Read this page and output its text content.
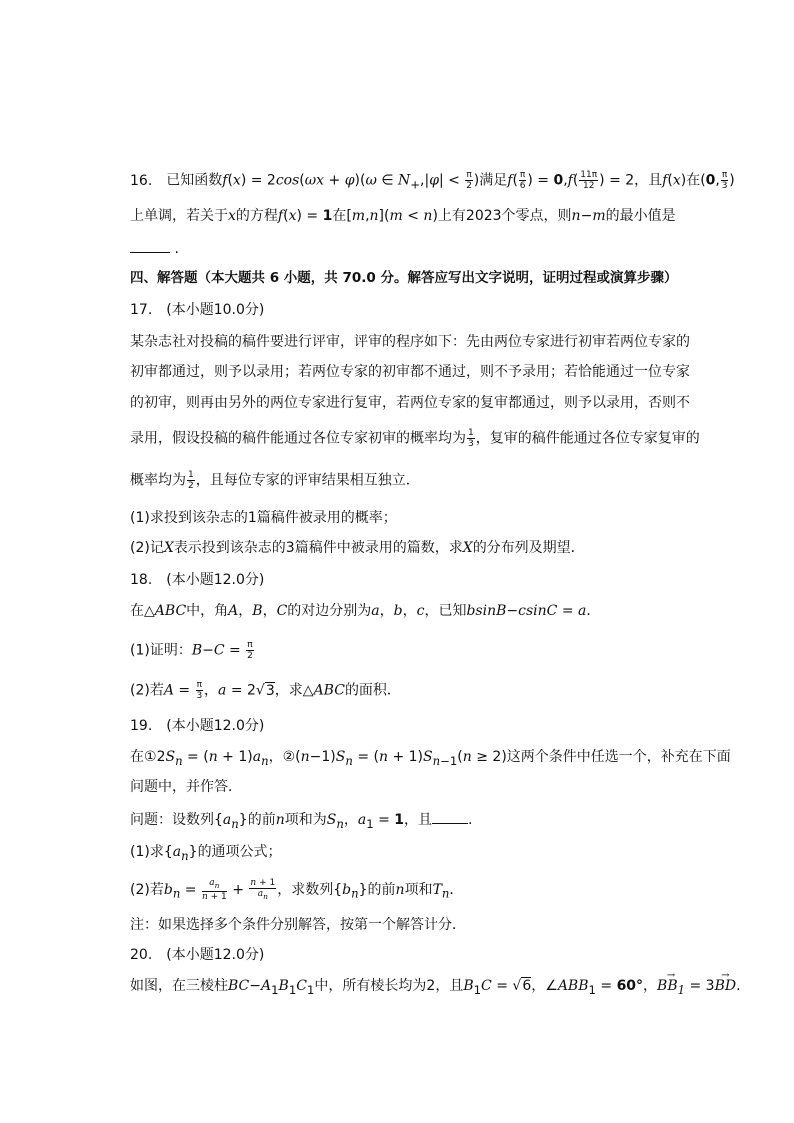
16. 已知函数f(x) = 2cos(ωx + φ)(ω ∈ $N_+,|\varphi| < \frac{\pi}{2}$ )满足$f( \frac{\pi}{6}$ ) = $0,f( \frac{11\pi}{12}$ ) = 2，且f(x)在(0, $\frac{\pi}{3}$ )
上单调，若关于x的方程f(x) = 1在[m,n](m < n)上有2023个零点，则n−m的最小值是
.
四、解答题（本大题共 6 小题，共 70.0 分。解答应写出文字说明，证明过程或演算步骤）
17. (本小题10.0分)
某杂志社对投稿的稿件要进行评审，评审的程序如下：先由两位专家进行初审若两位专家的
初审都通过，则予以录用；若两位专家的初审都不通过，则不予录用；若恰能通过一位专家
的初审，则再由另外的两位专家进行复审，若两位专家的复审都通过，则予以录用，否则不
录用，假设投稿的稿件能通过各位专家初审的概率均为 $\frac{1}{3}$ ，复审的稿件能通过各位专家复审的
概率均为 $\frac{1}{2}$ ，且每位专家的评审结果相互独立．
(1)求投到该杂志的1篇稿件被录用的概率；
(2)记X表示投到该杂志的3篇稿件中被录用的篇数，求X的分布列及期望．
18. (本小题12.0分)
在△ABC中，角A，B，C的对边分别为a，b，c，已知bsinB−csinC = a．
(1)证明：$B-C = \frac{\pi}{2}$
(2)若$A = \frac{\pi}{3}$ ，a = 2√3，求△ABC的面积．
19. (本小题12.0分)
在$①2S_n = (n + 1)a_n$，$②(n-1)S_n = (n + 1)S_{n-1}(n \ge 2)$这两个条件中任选一个，补充在下面
问题中，并作答．
问题：设数列$\{a_n\}$的前n项和为$S_n$，$a_1 = 1$，且	.
(1)求$\{a_n\}$的通项公式；
(2)若$b_n = \frac{a_n}{n + 1} + \frac{n + 1}{a_n}$ ，求数列$\{b_n\}$的前n项和$T_n$．
注：如果选择多个条件分别解答，按第一个解答计分．
20. (本小题12.0分)
如图，在三棱柱$BC-A_1B_1C_1$中，所有棱长均为2，且$B_1C = √6$，$\angle ABB_1 = 60^\circ$，→ $BB_1 = 3\to$ BD.
